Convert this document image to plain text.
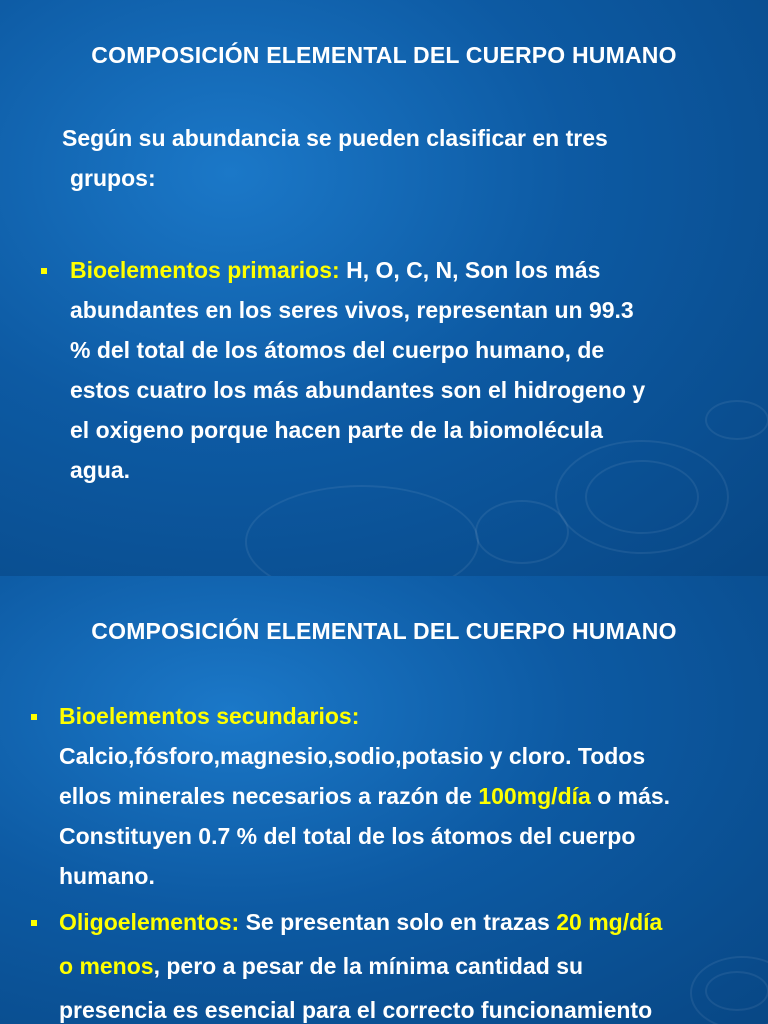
COMPOSICIÓN ELEMENTAL DEL CUERPO HUMANO
Según su abundancia se pueden clasificar en tres
grupos:
Bioelementos primarios: H, O, C, N, Son los más
abundantes en los seres vivos, representan un 99.3
% del total de los átomos del cuerpo humano, de
estos cuatro los más abundantes son el hidrogeno y
el oxigeno porque hacen parte de la biomolécula
agua.
COMPOSICIÓN ELEMENTAL DEL CUERPO HUMANO
Bioelementos secundarios:
Calcio,fósforo,magnesio,sodio,potasio y cloro. Todos
ellos minerales necesarios a razón de 100mg/día o más.
Constituyen 0.7 % del total de los átomos del cuerpo
humano.
Oligoelementos: Se presentan solo en trazas 20 mg/día
o menos, pero a pesar de la mínima cantidad su
presencia es esencial para el correcto funcionamiento
